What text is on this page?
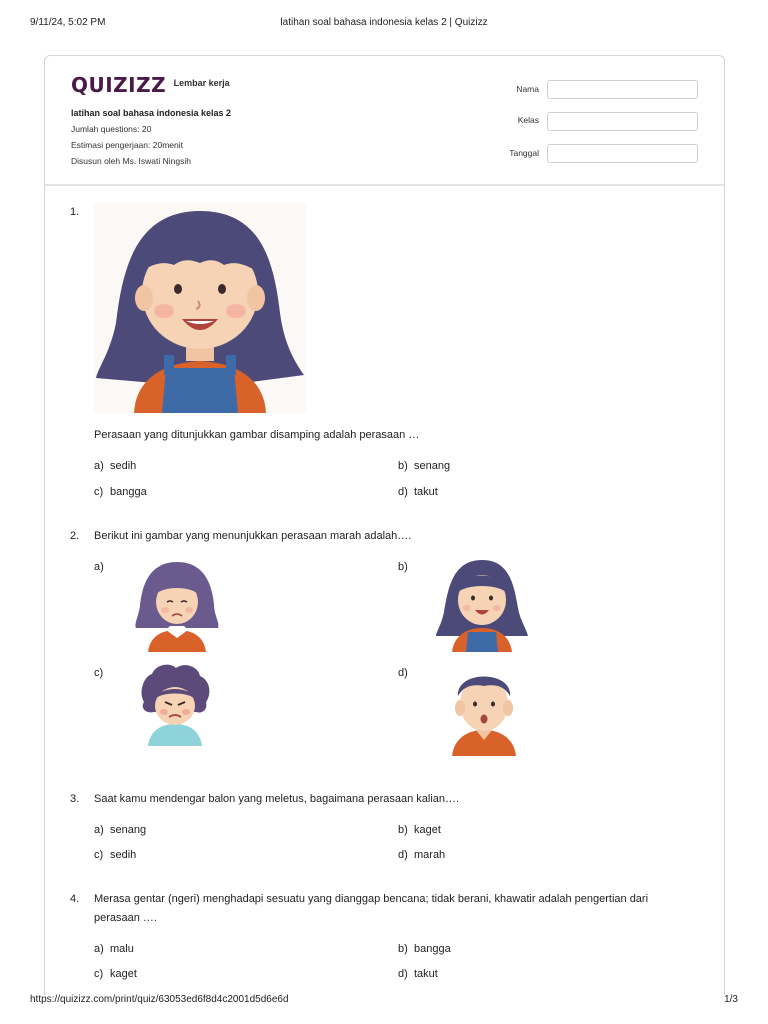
9/11/24, 5:02 PM	latihan soal bahasa indonesia kelas 2 | Quizizz
QUIZIZZ Lembar kerja
latihan soal bahasa indonesia kelas 2
Jumlah questions: 20
Estimasi pengerjaan: 20menit
Disusun oleh Ms. Iswati Ningsih
Nama
Kelas
Tanggal
1.
Perasaan yang ditunjukkan gambar disamping adalah perasaan …
a) sedih	b) senang
c) bangga	d) takut
2. Berikut ini gambar yang menunjukkan perasaan marah adalah….
a)	b)
c)	d)
3. Saat kamu mendengar balon yang meletus, bagaimana perasaan kalian….
a) senang	b) kaget
c) sedih	d) marah
4. Merasa gentar (ngeri) menghadapi sesuatu yang dianggap bencana; tidak berani, khawatir adalah pengertian dari
perasaan ….
a) malu	b) bangga
c) kaget	d) takut
https://quizizz.com/print/quiz/63053ed6f8d4c2001d5d6e6d	1/3
